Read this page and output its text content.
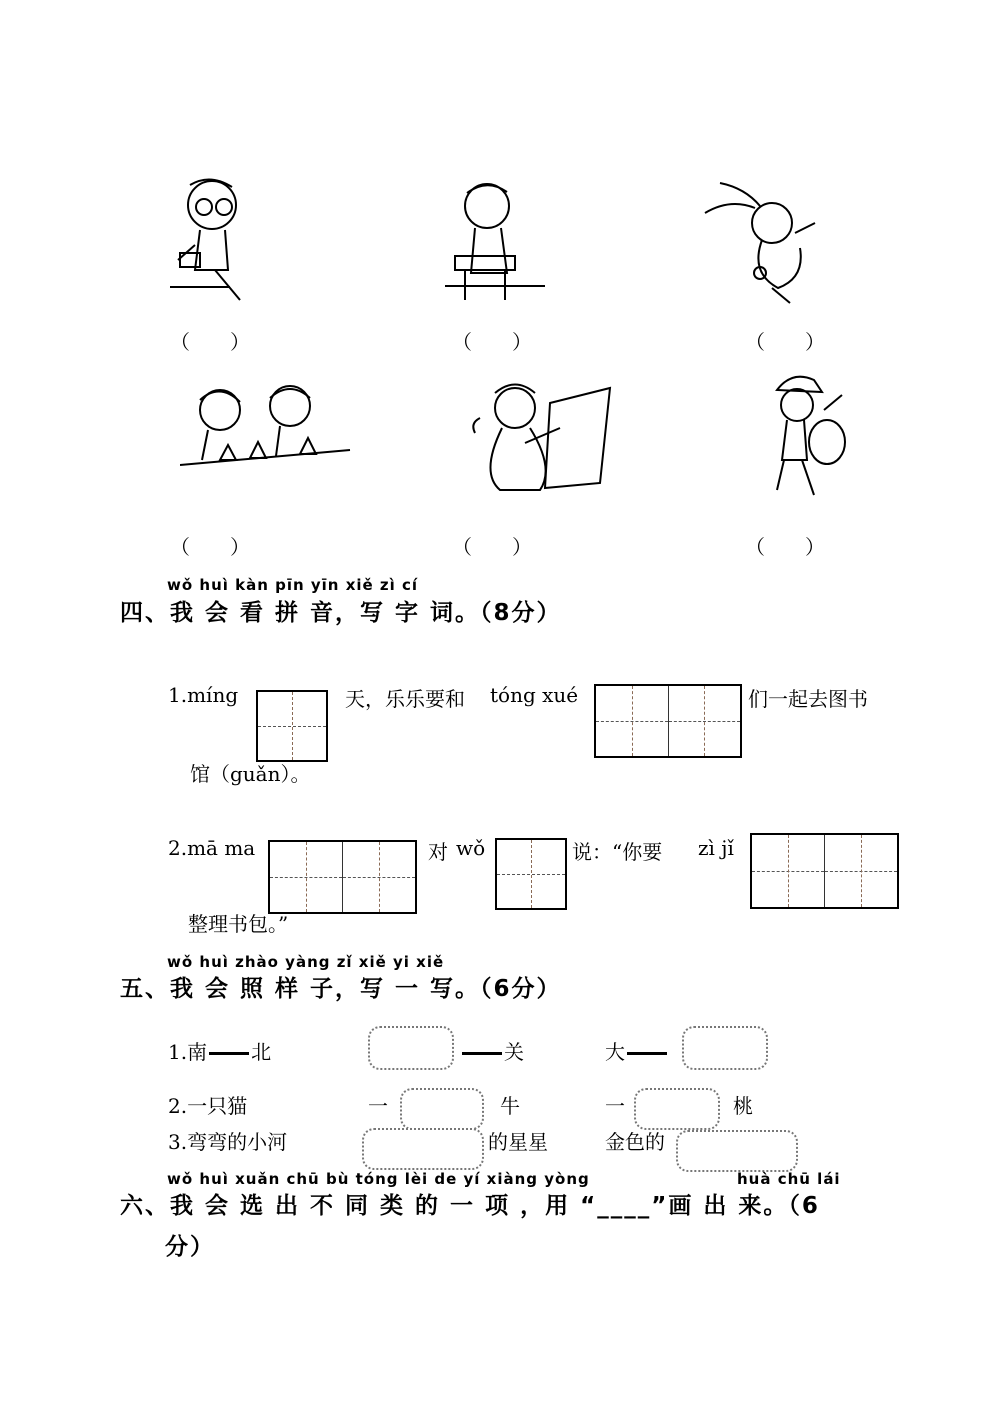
（　　）	（　　）	（　　）
（　　）	（　　）	（　　）
wǒ huì kàn pīn yīn xiě zì cí
四、我 会 看 拼 音，写 字 词。（8分）
1.míng	天，乐乐要和 tóng xué	们一起去图书
馆（guǎn）。
2.mā ma	对 wǒ	说：“你要 zì jǐ
整理书包。”
wǒ huì zhào yàng zǐ xiě yi xiě
五、我 会 照 样 子，写 一 写。（6分）
1.南 北	关	大
2.一只猫	一	牛	一	桃
3.弯弯的小河	的星星	金色的
wǒ huì xuǎn chū bù tóng lèi de yí xiàng yòng	huà chū lái
六、我 会 选 出 不 同 类 的 一 项 ，用 “____”画 出 来。（6
分）
